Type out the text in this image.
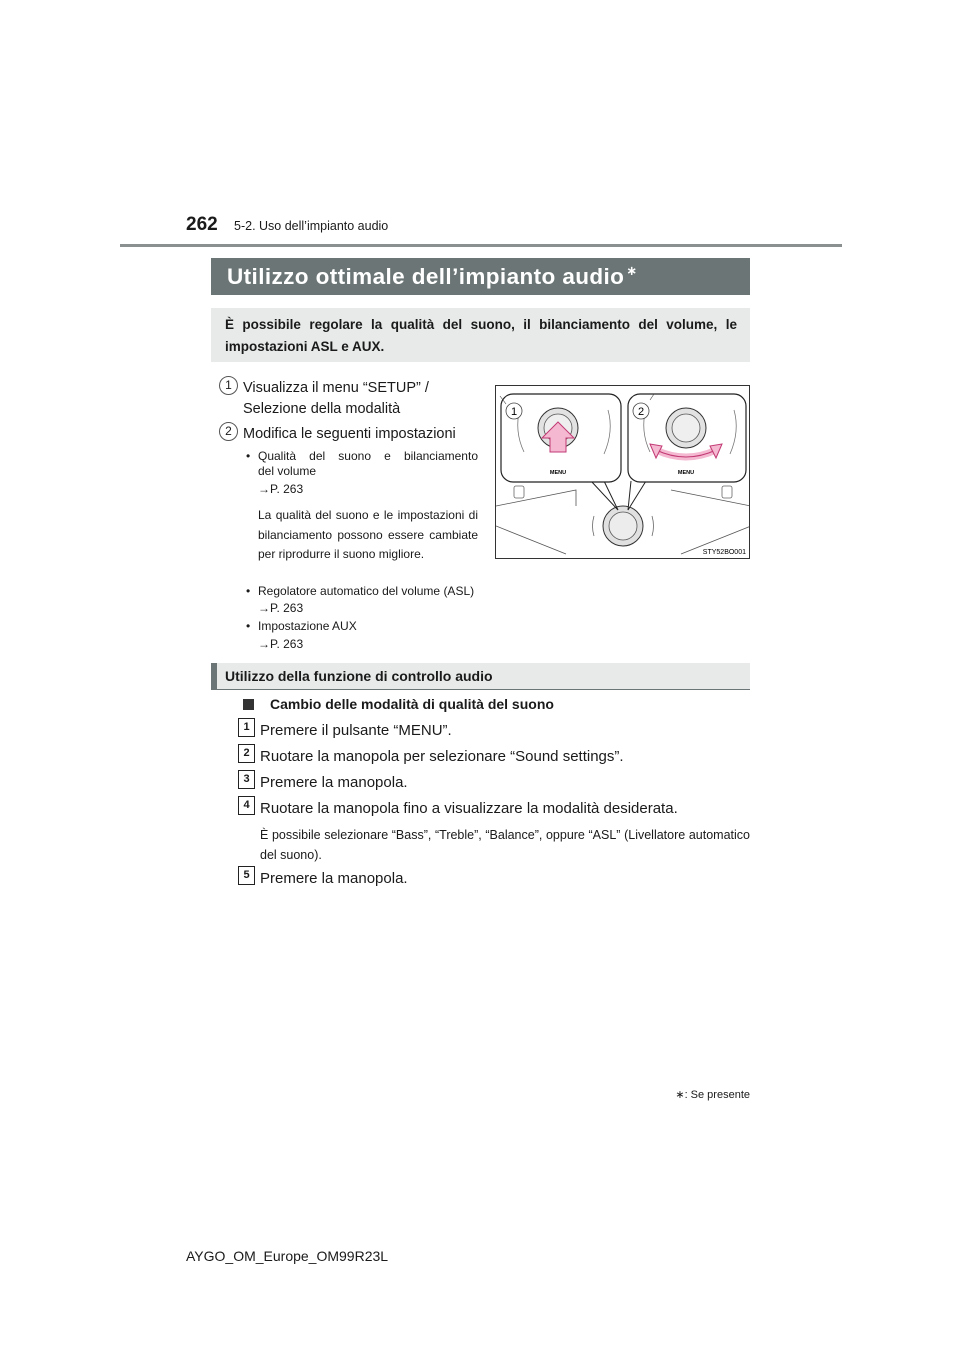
262 5-2. Uso dell’impianto audio
Utilizzo ottimale dell’impianto audio ∗
È possibile regolare la qualità del suono, il bilanciamento del volume, le impostazioni ASL e AUX.
1 Visualizza il menu “SETUP” /
Selezione della modalità
2 Modifica le seguenti impostazioni
• Qualità del suono e bilanciamento
del volume
→P. 263
La qualità del suono e le impostazioni di bilanciamento possono essere cambiate per riprodurre il suono migliore.
• Regolatore automatico del volume (ASL)
→P. 263
• Impostazione AUX
→P. 263
1	2
MENU	MENU
STY52BO001
Utilizzo della funzione di controllo audio
Cambio delle modalità di qualità del suono
1 Premere il pulsante “MENU”.
2 Ruotare la manopola per selezionare “Sound settings”.
3 Premere la manopola.
4 Ruotare la manopola fino a visualizzare la modalità desiderata.
È possibile selezionare “Bass”, “Treble”, “Balance”, oppure “ASL” (Livellatore automatico del suono).
5 Premere la manopola.
∗: Se presente
AYGO_OM_Europe_OM99R23L
